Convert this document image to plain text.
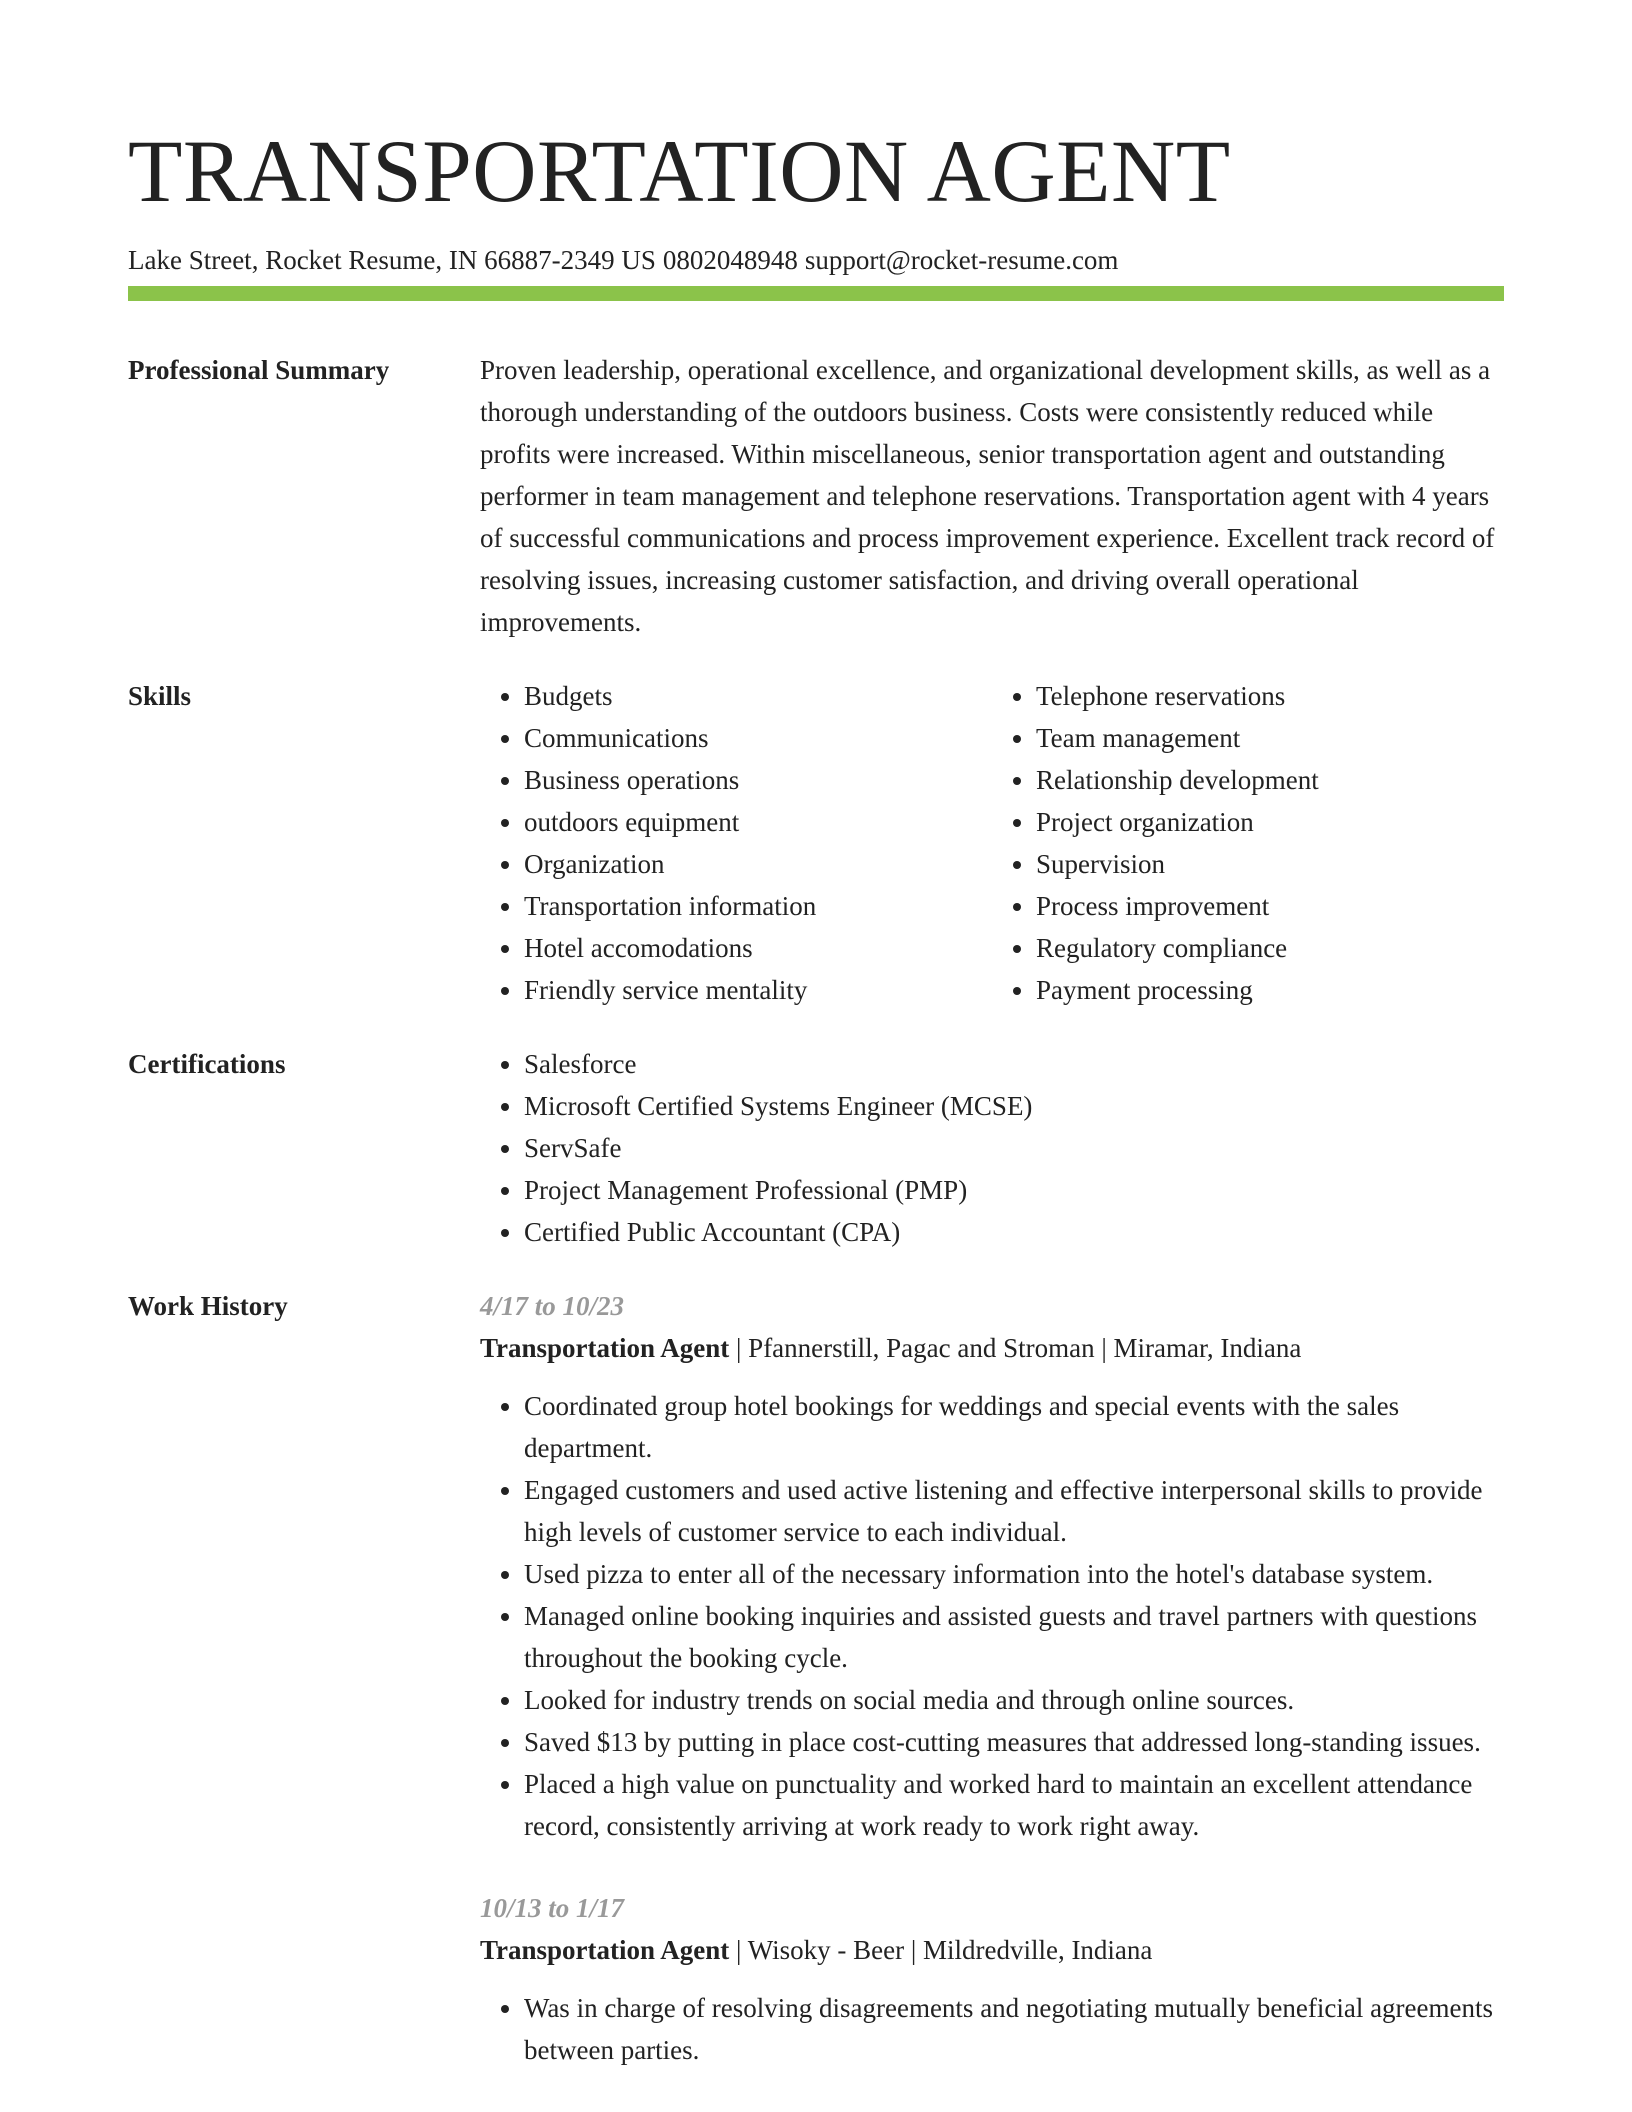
TRANSPORTATION AGENT
Lake Street, Rocket Resume, IN 66887-2349 US 0802048948 support@rocket-resume.com
Professional Summary	Proven leadership, operational excellence, and organizational development skills, as well as a thorough understanding of the outdoors business. Costs were consistently reduced while profits were increased. Within miscellaneous, senior transportation agent and outstanding performer in team management and telephone reservations. Transportation agent with 4 years of successful communications and process improvement experience. Excellent track record of resolving issues, increasing customer satisfaction, and driving overall operational improvements.

Skills	• Budgets
• Communications
• Business operations
• outdoors equipment
• Organization
• Transportation information
• Hotel accomodations
• Friendly service mentality
• Telephone reservations
• Team management
• Relationship development
• Project organization
• Supervision
• Process improvement
• Regulatory compliance
• Payment processing
Certifications	• Salesforce
• Microsoft Certified Systems Engineer (MCSE)
• ServSafe
• Project Management Professional (PMP)
• Certified Public Accountant (CPA)
Work History	4/17 to 10/23
Transportation Agent | Pfannerstill, Pagac and Stroman | Miramar, Indiana
• Coordinated group hotel bookings for weddings and special events with the sales department.
• Engaged customers and used active listening and effective interpersonal skills to provide high levels of customer service to each individual.
• Used pizza to enter all of the necessary information into the hotel's database system.
• Managed online booking inquiries and assisted guests and travel partners with questions throughout the booking cycle.
• Looked for industry trends on social media and through online sources.
• Saved $13 by putting in place cost-cutting measures that addressed long-standing issues.
• Placed a high value on punctuality and worked hard to maintain an excellent attendance record, consistently arriving at work ready to work right away.
10/13 to 1/17
Transportation Agent | Wisoky - Beer | Mildredville, Indiana
• Was in charge of resolving disagreements and negotiating mutually beneficial agreements between parties.
